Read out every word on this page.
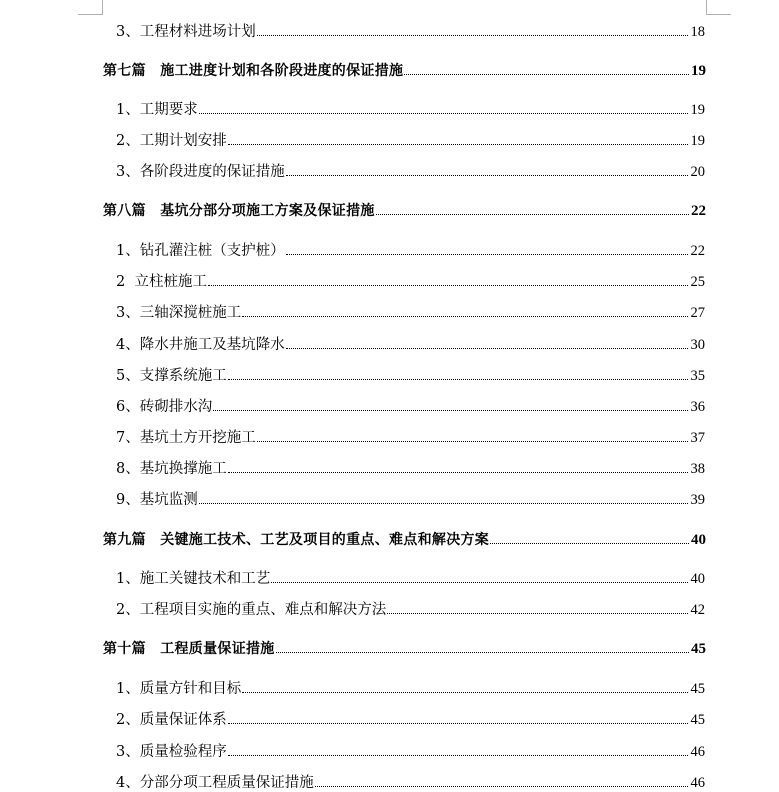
3、工程材料进场计划	18
第七篇　施工进度计划和各阶段进度的保证措施	19
1、工期要求	19
2、工期计划安排	19
3、各阶段进度的保证措施	20
第八篇　基坑分部分项施工方案及保证措施	22
1、钻孔灌注桩（支护桩）	22
2  立柱桩施工	25
3、三轴深搅桩施工	27
4、降水井施工及基坑降水	30
5、支撑系统施工	35
6、砖砌排水沟	36
7、基坑土方开挖施工	37
8、基坑换撑施工	38
9、基坑监测	39
第九篇　关键施工技术、工艺及项目的重点、难点和解决方案	40
1、施工关键技术和工艺	40
2、工程项目实施的重点、难点和解决方法	42
第十篇　工程质量保证措施	45
1、质量方针和目标	45
2、质量保证体系	45
3、质量检验程序	46
4、分部分项工程质量保证措施	46
